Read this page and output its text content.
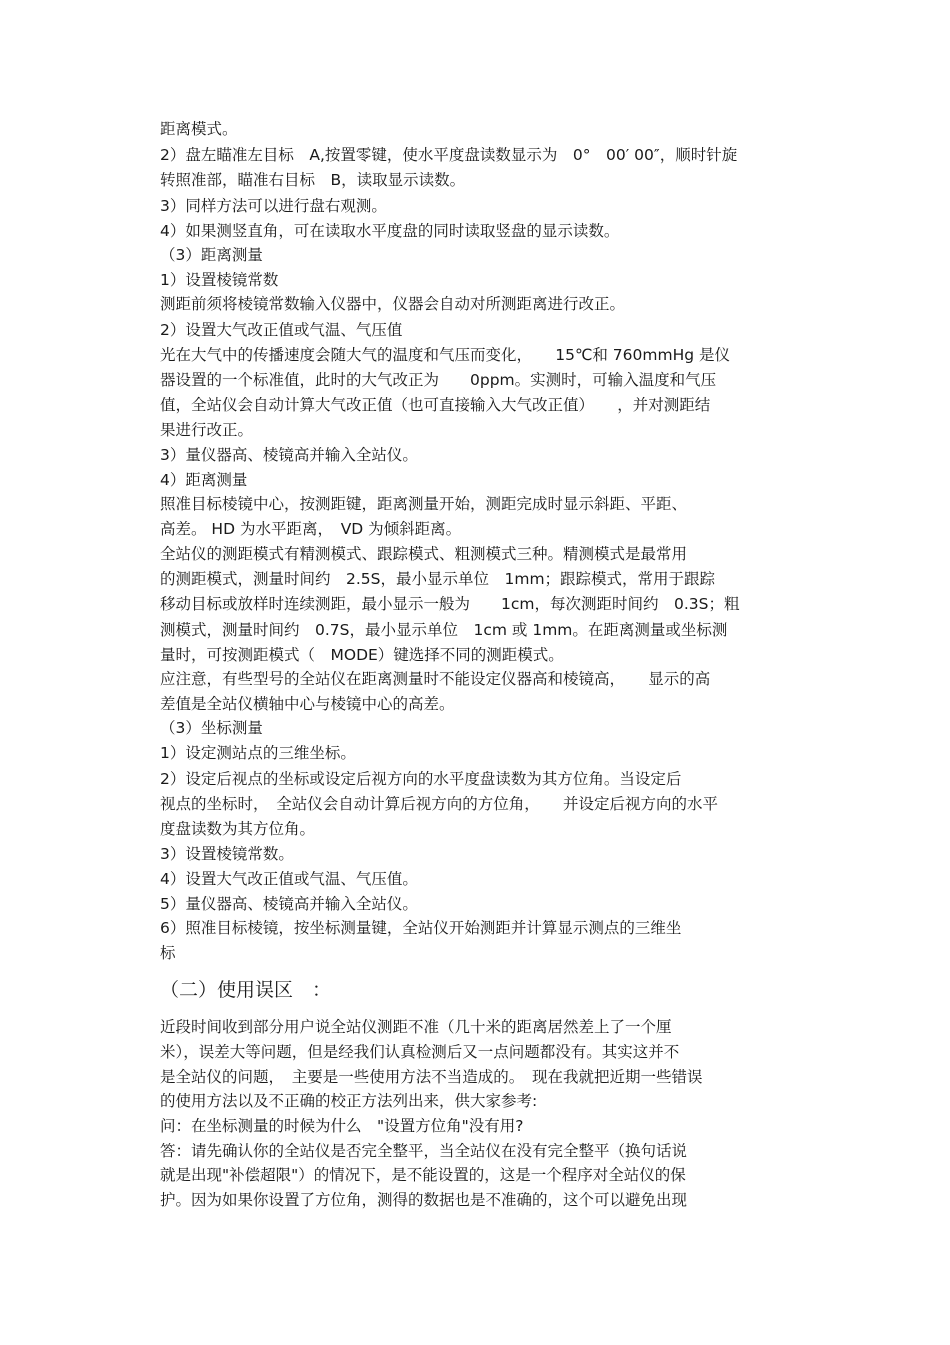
距离模式。
2）盘左瞄准左目标　A,按置零键，使水平度盘读数显示为　0°　00′ 00″，顺时针旋
转照准部，瞄准右目标　B，读取显示读数。
3）同样方法可以进行盘右观测。
4）如果测竖直角，可在读取水平度盘的同时读取竖盘的显示读数。
（3）距离测量
1）设置棱镜常数
测距前须将棱镜常数输入仪器中，仪器会自动对所测距离进行改正。
2）设置大气改正值或气温、气压值
光在大气中的传播速度会随大气的温度和气压而变化，　　15℃和 760mmHg 是仪
器设置的一个标准值，此时的大气改正为　　0ppm。实测时，可输入温度和气压
值，全站仪会自动计算大气改正值（也可直接输入大气改正值）　　，并对测距结
果进行改正。
3）量仪器高、棱镜高并输入全站仪。
4）距离测量
照准目标棱镜中心，按测距键，距离测量开始，测距完成时显示斜距、平距、
高差。 HD 为水平距离，　VD 为倾斜距离。
全站仪的测距模式有精测模式、跟踪模式、粗测模式三种。精测模式是最常用
的测距模式，测量时间约　2.5S，最小显示单位　1mm；跟踪模式，常用于跟踪
移动目标或放样时连续测距，最小显示一般为　　1cm，每次测距时间约　0.3S；粗
测模式，测量时间约　0.7S，最小显示单位　1cm 或 1mm。在距离测量或坐标测
量时，可按测距模式（　MODE）键选择不同的测距模式。
应注意，有些型号的全站仪在距离测量时不能设定仪器高和棱镜高，　　显示的高
差值是全站仪横轴中心与棱镜中心的高差。
（3）坐标测量
1）设定测站点的三维坐标。
2）设定后视点的坐标或设定后视方向的水平度盘读数为其方位角。当设定后
视点的坐标时，　全站仪会自动计算后视方向的方位角，　　并设定后视方向的水平
度盘读数为其方位角。
3）设置棱镜常数。
4）设置大气改正值或气温、气压值。
5）量仪器高、棱镜高并输入全站仪。
6）照准目标棱镜，按坐标测量键，全站仪开始测距并计算显示测点的三维坐
标
（二）使用误区　：
近段时间收到部分用户说全站仪测距不准（几十米的距离居然差上了一个厘
米），误差大等问题，但是经我们认真检测后又一点问题都没有。其实这并不
是全站仪的问题，　主要是一些使用方法不当造成的。　现在我就把近期一些错误
的使用方法以及不正确的校正方法列出来，供大家参考:
问：在坐标测量的时候为什么　"设置方位角"没有用?
答：请先确认你的全站仪是否完全整平，当全站仪在没有完全整平（换句话说
就是出现"补偿超限"）的情况下，是不能设置的，这是一个程序对全站仪的保
护。因为如果你设置了方位角，测得的数据也是不准确的，这个可以避免出现
